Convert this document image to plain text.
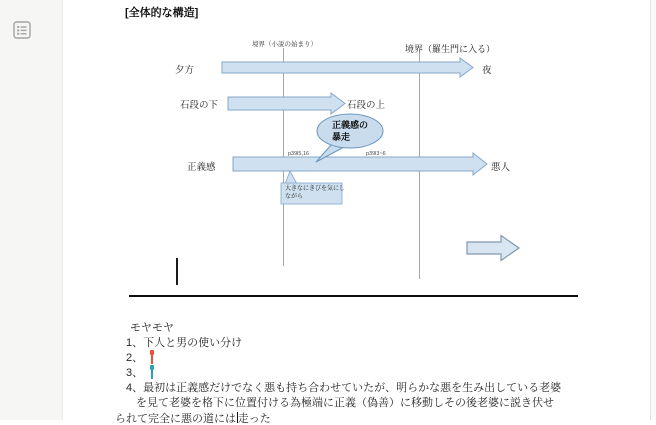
[全体的な構造]
境界（小説の始まり）	境界（羅生門に入る）
夕方	夜
石段の下	石段の上
正義感	悪人
正義感の
暴走
p39l5,16	p39l3~6
大きなにきびを気にし
ながら
モヤモヤ
1、下人と男の使い分け
2、
3、
4、最初は正義感だけでなく悪も持ち合わせていたが、明らかな悪を生み出している老婆
を見て老婆を格下に位置付ける為極端に正義（偽善）に移動しその後老婆に説き伏せ
られて完全に悪の道には 走った
